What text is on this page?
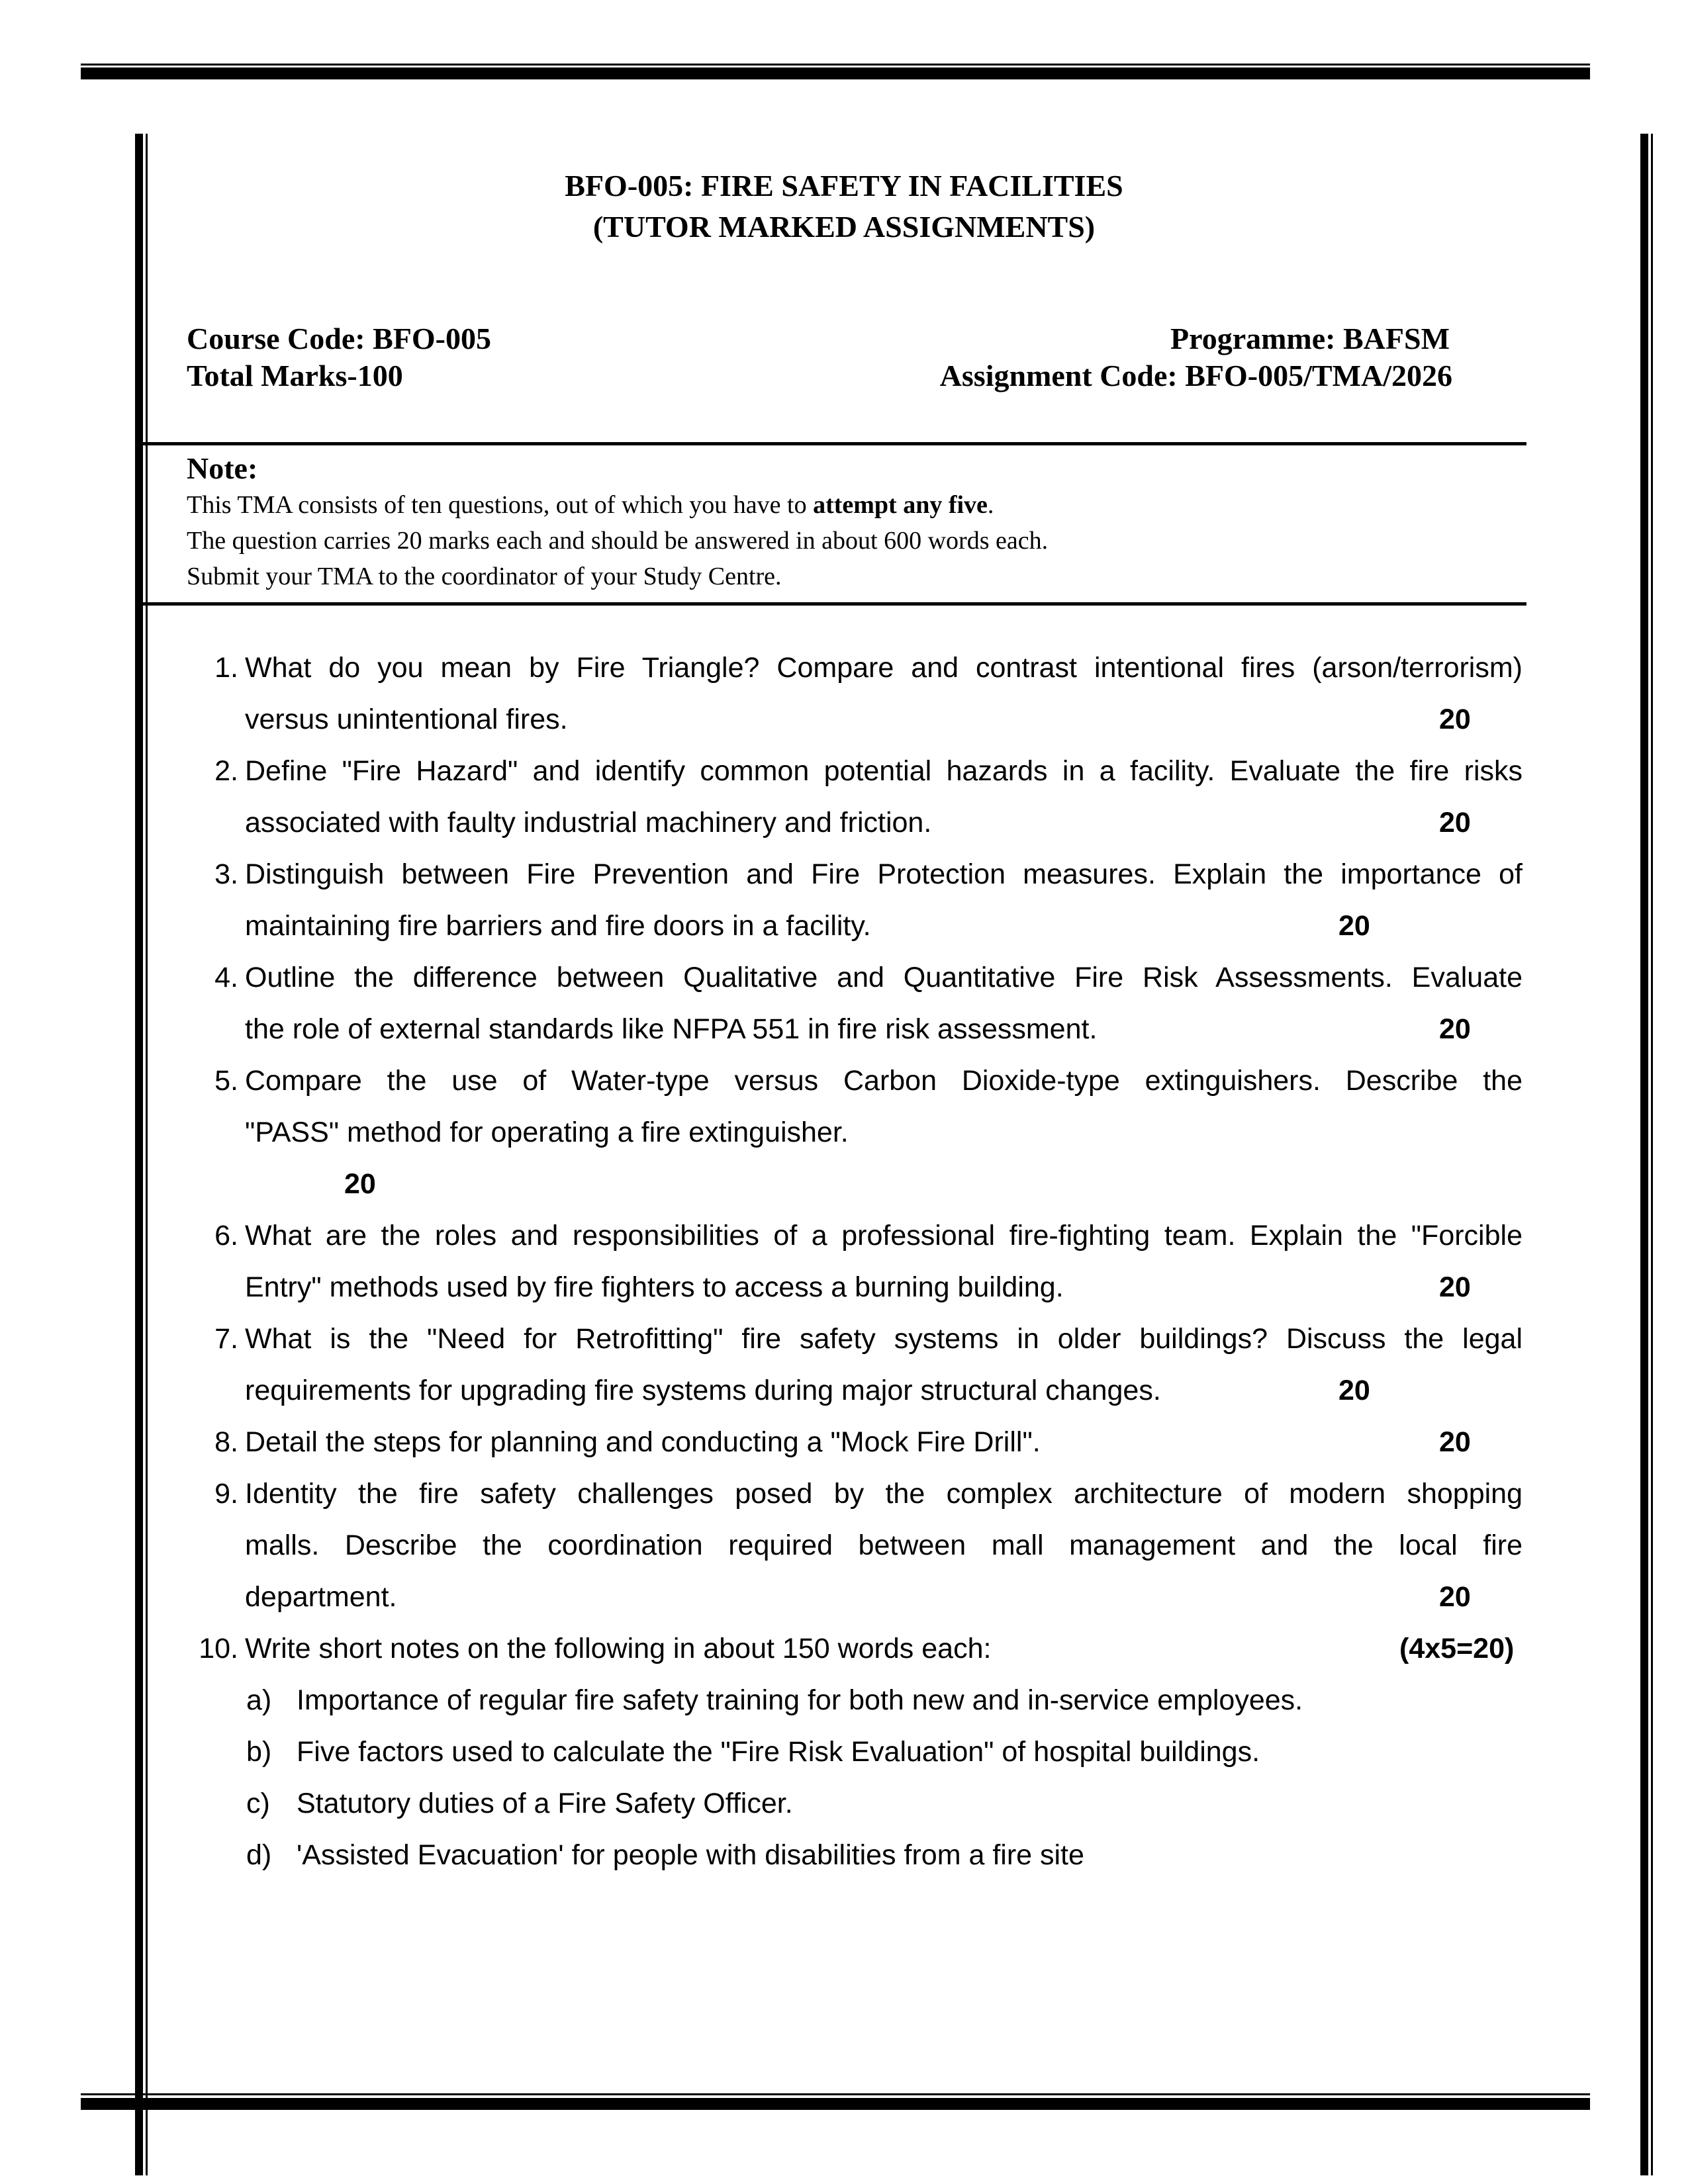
BFO-005: FIRE SAFETY IN FACILITIES
(TUTOR MARKED ASSIGNMENTS)
Course Code: BFO-005
Total Marks-100
Programme: BAFSM
Assignment Code: BFO-005/TMA/2026
Note:
This TMA consists of ten questions, out of which you have to attempt any five.
The question carries 20 marks each and should be answered in about 600 words each.
Submit your TMA to the coordinator of your Study Centre.
1. What do you mean by Fire Triangle? Compare and contrast intentional fires (arson/terrorism)
versus unintentional fires.	20
2. Define "Fire Hazard" and identify common potential hazards in a facility. Evaluate the fire risks
associated with faulty industrial machinery and friction.	20
3. Distinguish between Fire Prevention and Fire Protection measures. Explain the importance of
maintaining fire barriers and fire doors in a facility.	20
4. Outline the difference between Qualitative and Quantitative Fire Risk Assessments. Evaluate
the role of external standards like NFPA 551 in fire risk assessment.	20
5. Compare the use of Water-type versus Carbon Dioxide-type extinguishers. Describe the
"PASS" method for operating a fire extinguisher.
20
6. What are the roles and responsibilities of a professional fire-fighting team. Explain the "Forcible
Entry" methods used by fire fighters to access a burning building.	20
7. What is the "Need for Retrofitting" fire safety systems in older buildings? Discuss the legal
requirements for upgrading fire systems during major structural changes.	20
8. Detail the steps for planning and conducting a "Mock Fire Drill".	20
9. Identity the fire safety challenges posed by the complex architecture of modern shopping
malls. Describe the coordination required between mall management and the local fire
department.	20
10. Write short notes on the following in about 150 words each:	(4x5=20)
a) Importance of regular fire safety training for both new and in-service employees.
b) Five factors used to calculate the "Fire Risk Evaluation" of hospital buildings.
c) Statutory duties of a Fire Safety Officer.
d) 'Assisted Evacuation' for people with disabilities from a fire site
